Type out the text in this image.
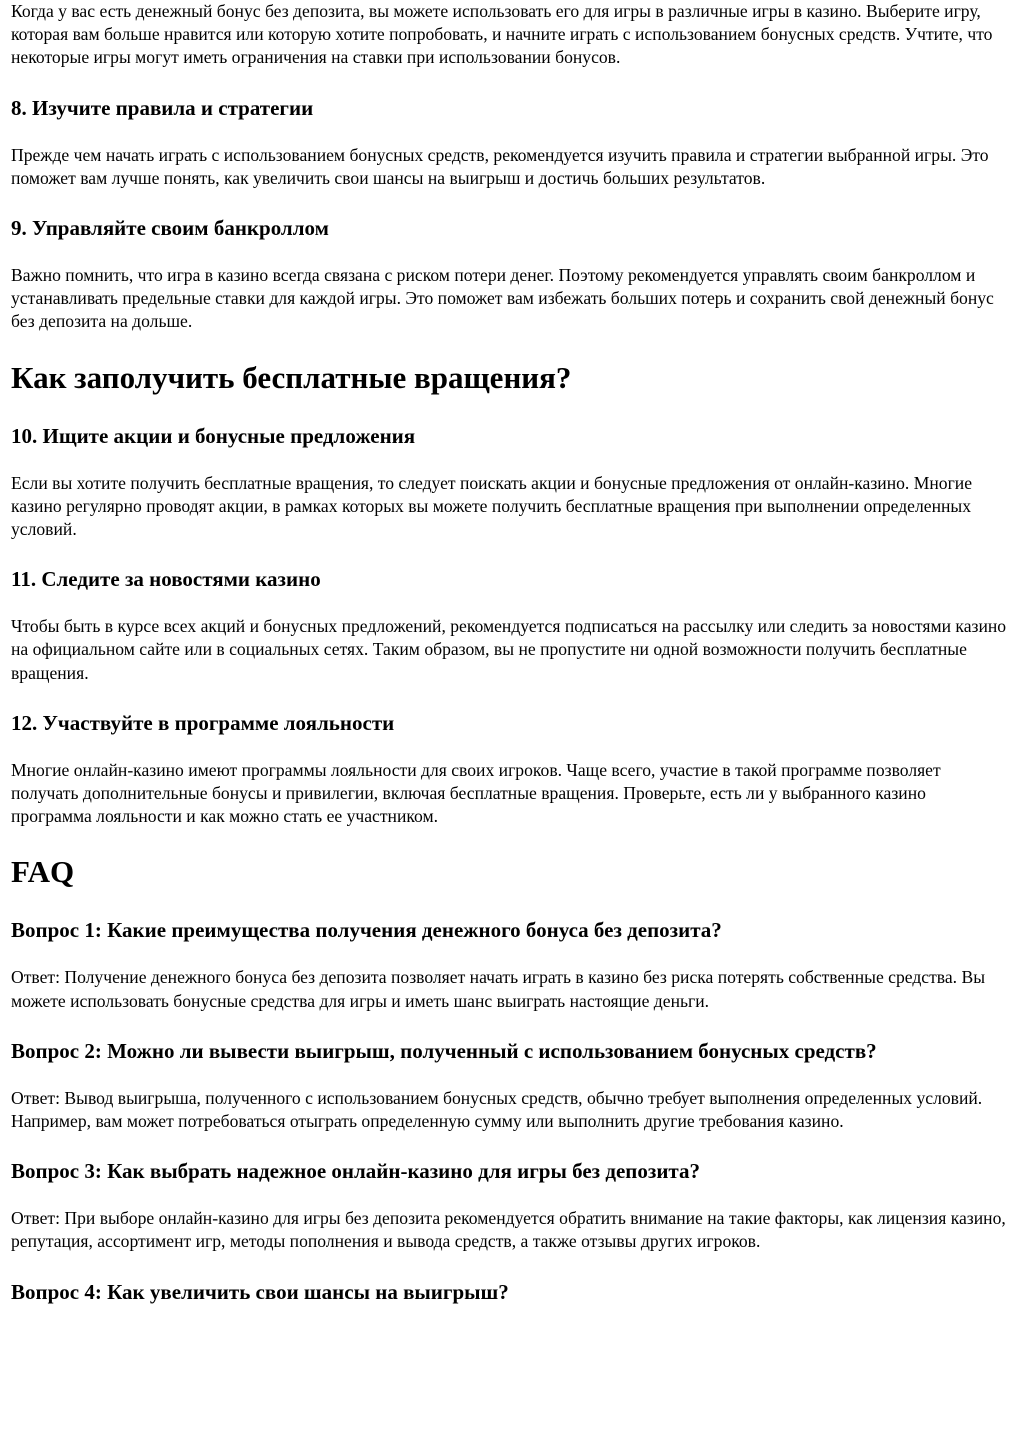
Когда у вас есть денежный бонус без депозита, вы можете использовать его для игры в различные игры в казино. Выберите игру, которая вам больше нравится или которую хотите попробовать, и начните играть с использованием бонусных средств. Учтите, что некоторые игры могут иметь ограничения на ставки при использовании бонусов.

8. Изучите правила и стратегии

Прежде чем начать играть с использованием бонусных средств, рекомендуется изучить правила и стратегии выбранной игры. Это поможет вам лучше понять, как увеличить свои шансы на выигрыш и достичь больших результатов.

9. Управляйте своим банкроллом

Важно помнить, что игра в казино всегда связана с риском потери денег. Поэтому рекомендуется управлять своим банкроллом и устанавливать предельные ставки для каждой игры. Это поможет вам избежать больших потерь и сохранить свой денежный бонус без депозита на дольше.

Как заполучить бесплатные вращения?
10. Ищите акции и бонусные предложения

Если вы хотите получить бесплатные вращения, то следует поискать акции и бонусные предложения от онлайн-казино. Многие казино регулярно проводят акции, в рамках которых вы можете получить бесплатные вращения при выполнении определенных условий.

11. Следите за новостями казино

Чтобы быть в курсе всех акций и бонусных предложений, рекомендуется подписаться на рассылку или следить за новостями казино на официальном сайте или в социальных сетях. Таким образом, вы не пропустите ни одной возможности получить бесплатные вращения.

12. Участвуйте в программе лояльности

Многие онлайн-казино имеют программы лояльности для своих игроков. Чаще всего, участие в такой программе позволяет получать дополнительные бонусы и привилегии, включая бесплатные вращения. Проверьте, есть ли у выбранного казино программа лояльности и как можно стать ее участником.

FAQ
Вопрос 1: Какие преимущества получения денежного бонуса без депозита?

Ответ: Получение денежного бонуса без депозита позволяет начать играть в казино без риска потерять собственные средства. Вы можете использовать бонусные средства для игры и иметь шанс выиграть настоящие деньги.

Вопрос 2: Можно ли вывести выигрыш, полученный с использованием бонусных средств?

Ответ: Вывод выигрыша, полученного с использованием бонусных средств, обычно требует выполнения определенных условий. Например, вам может потребоваться отыграть определенную сумму или выполнить другие требования казино.

Вопрос 3: Как выбрать надежное онлайн-казино для игры без депозита?

Ответ: При выборе онлайн-казино для игры без депозита рекомендуется обратить внимание на такие факторы, как лицензия казино, репутация, ассортимент игр, методы пополнения и вывода средств, а также отзывы других игроков.

Вопрос 4: Как увеличить свои шансы на выигрыш?
